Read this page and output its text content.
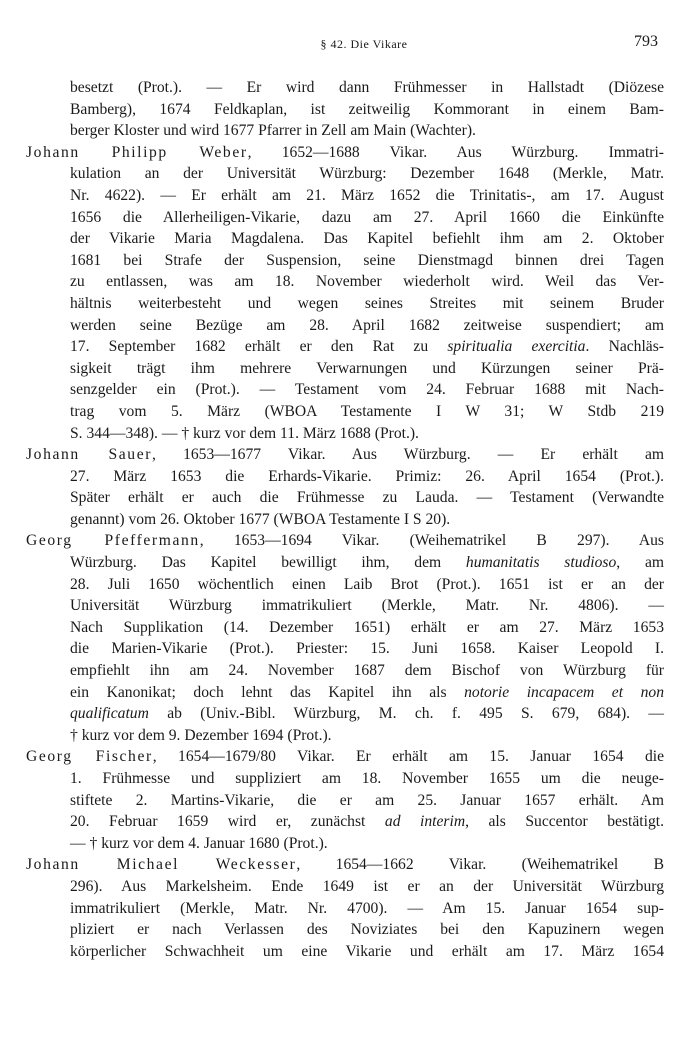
§ 42. Die Vikare	793
besetzt (Prot.). — Er wird dann Frühmesser in Hallstadt (Diözese
Bamberg), 1674 Feldkaplan, ist zeitweilig Kommorant in einem Bam-
berger Kloster und wird 1677 Pfarrer in Zell am Main (Wachter).
Johann Philipp Weber, 1652—1688 Vikar. Aus Würzburg. Immatri-
kulation an der Universität Würzburg: Dezember 1648 (Merkle, Matr.
Nr. 4622). — Er erhält am 21. März 1652 die Trinitatis-, am 17. August
1656 die Allerheiligen-Vikarie, dazu am 27. April 1660 die Einkünfte
der Vikarie Maria Magdalena. Das Kapitel befiehlt ihm am 2. Oktober
1681 bei Strafe der Suspension, seine Dienstmagd binnen drei Tagen
zu entlassen, was am 18. November wiederholt wird. Weil das Ver-
hältnis weiterbesteht und wegen seines Streites mit seinem Bruder
werden seine Bezüge am 28. April 1682 zeitweise suspendiert; am
17. September 1682 erhält er den Rat zu spiritualia exercitia. Nachläs-
sigkeit trägt ihm mehrere Verwarnungen und Kürzungen seiner Prä-
senzgelder ein (Prot.). — Testament vom 24. Februar 1688 mit Nach-
trag vom 5. März (WBOA Testamente I W 31; W Stdb 219
S. 344—348). — † kurz vor dem 11. März 1688 (Prot.).
Johann Sauer, 1653—1677 Vikar. Aus Würzburg. — Er erhält am
27. März 1653 die Erhards-Vikarie. Primiz: 26. April 1654 (Prot.).
Später erhält er auch die Frühmesse zu Lauda. — Testament (Verwandte
genannt) vom 26. Oktober 1677 (WBOA Testamente I S 20).
Georg Pfeffermann, 1653—1694 Vikar. (Weihematrikel B 297). Aus
Würzburg. Das Kapitel bewilligt ihm, dem humanitatis studioso, am
28. Juli 1650 wöchentlich einen Laib Brot (Prot.). 1651 ist er an der
Universität Würzburg immatrikuliert (Merkle, Matr. Nr. 4806). —
Nach Supplikation (14. Dezember 1651) erhält er am 27. März 1653
die Marien-Vikarie (Prot.). Priester: 15. Juni 1658. Kaiser Leopold I.
empfiehlt ihn am 24. November 1687 dem Bischof von Würzburg für
ein Kanonikat; doch lehnt das Kapitel ihn als notorie incapacem et non
qualificatum ab (Univ.-Bibl. Würzburg, M. ch. f. 495 S. 679, 684). —
† kurz vor dem 9. Dezember 1694 (Prot.).
Georg Fischer, 1654—1679/80 Vikar. Er erhält am 15. Januar 1654 die
1. Frühmesse und suppliziert am 18. November 1655 um die neuge-
stiftete 2. Martins-Vikarie, die er am 25. Januar 1657 erhält. Am
20. Februar 1659 wird er, zunächst ad interim, als Succentor bestätigt.
— † kurz vor dem 4. Januar 1680 (Prot.).
Johann Michael Weckesser, 1654—1662 Vikar. (Weihematrikel B
296). Aus Markelsheim. Ende 1649 ist er an der Universität Würzburg
immatrikuliert (Merkle, Matr. Nr. 4700). — Am 15. Januar 1654 sup-
pliziert er nach Verlassen des Noviziates bei den Kapuzinern wegen
körperlicher Schwachheit um eine Vikarie und erhält am 17. März 1654
